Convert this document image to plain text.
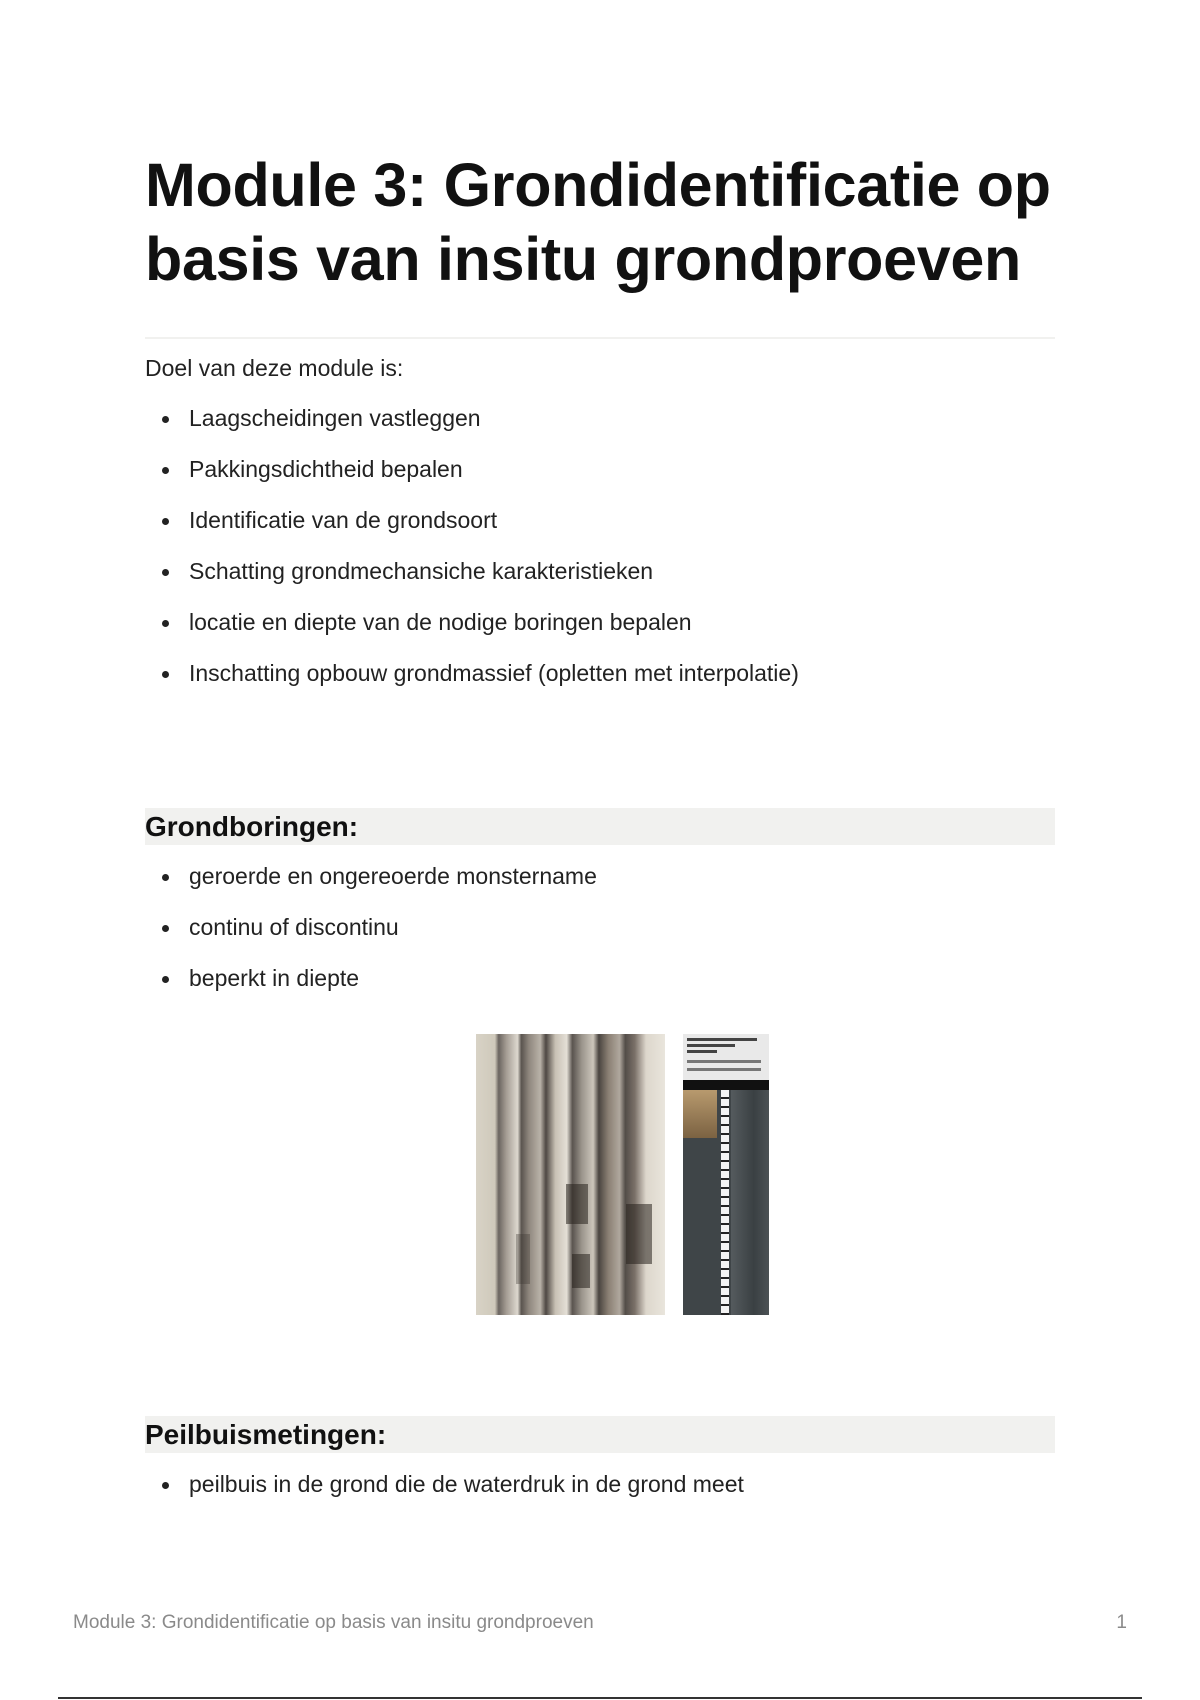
Module 3: Grondidentificatie op basis van insitu grondproeven

Doel van deze module is:

Laagscheidingen vastleggen
Pakkingsdichtheid bepalen
Identificatie van de grondsoort
Schatting grondmechansiche karakteristieken
locatie en diepte van de nodige boringen bepalen
Inschatting opbouw grondmassief (opletten met interpolatie)
Grondboringen:
geroerde en ongereoerde monstername
continu of discontinu
beperkt in diepte
Peilbuismetingen:
peilbuis in de grond die de waterdruk in de grond meet

Module 3: Grondidentificatie op basis van insitu grondproeven	1
